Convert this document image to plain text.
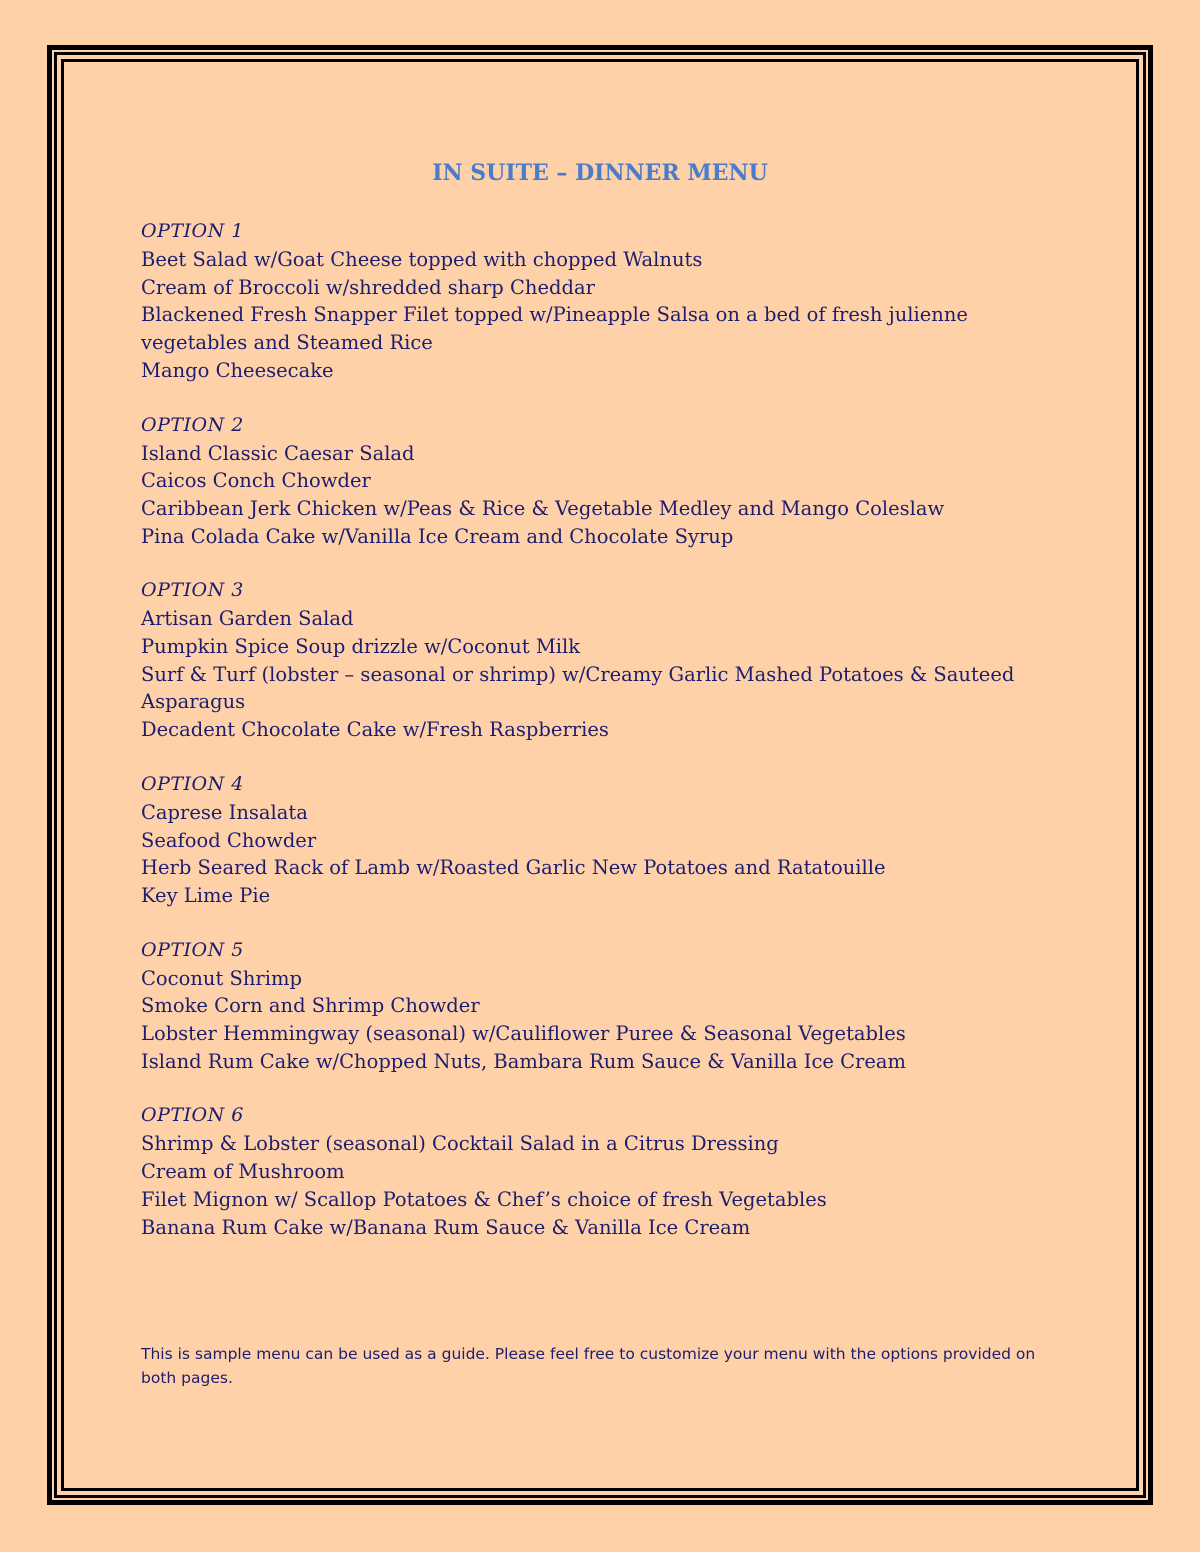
IN SUITE – DINNER MENU
OPTION 1
Beet Salad w/Goat Cheese topped with chopped Walnuts
Cream of Broccoli w/shredded sharp Cheddar
Blackened Fresh Snapper Filet topped w/Pineapple Salsa on a bed of fresh julienne
vegetables and Steamed Rice
Mango Cheesecake
OPTION 2
Island Classic Caesar Salad
Caicos Conch Chowder
Caribbean Jerk Chicken w/Peas & Rice & Vegetable Medley and Mango Coleslaw
Pina Colada Cake w/Vanilla Ice Cream and Chocolate Syrup
OPTION 3
Artisan Garden Salad
Pumpkin Spice Soup drizzle w/Coconut Milk
Surf & Turf (lobster – seasonal or shrimp) w/Creamy Garlic Mashed Potatoes & Sauteed
Asparagus
Decadent Chocolate Cake w/Fresh Raspberries
OPTION 4
Caprese Insalata
Seafood Chowder
Herb Seared Rack of Lamb w/Roasted Garlic New Potatoes and Ratatouille
Key Lime Pie
OPTION 5
Coconut Shrimp
Smoke Corn and Shrimp Chowder
Lobster Hemmingway (seasonal) w/Cauliflower Puree & Seasonal Vegetables
Island Rum Cake w/Chopped Nuts, Bambara Rum Sauce & Vanilla Ice Cream
OPTION 6
Shrimp & Lobster (seasonal) Cocktail Salad in a Citrus Dressing
Cream of Mushroom
Filet Mignon w/ Scallop Potatoes & Chef’s choice of fresh Vegetables
Banana Rum Cake w/Banana Rum Sauce & Vanilla Ice Cream
This is sample menu can be used as a guide. Please feel free to customize your menu with the options provided on both pages.
